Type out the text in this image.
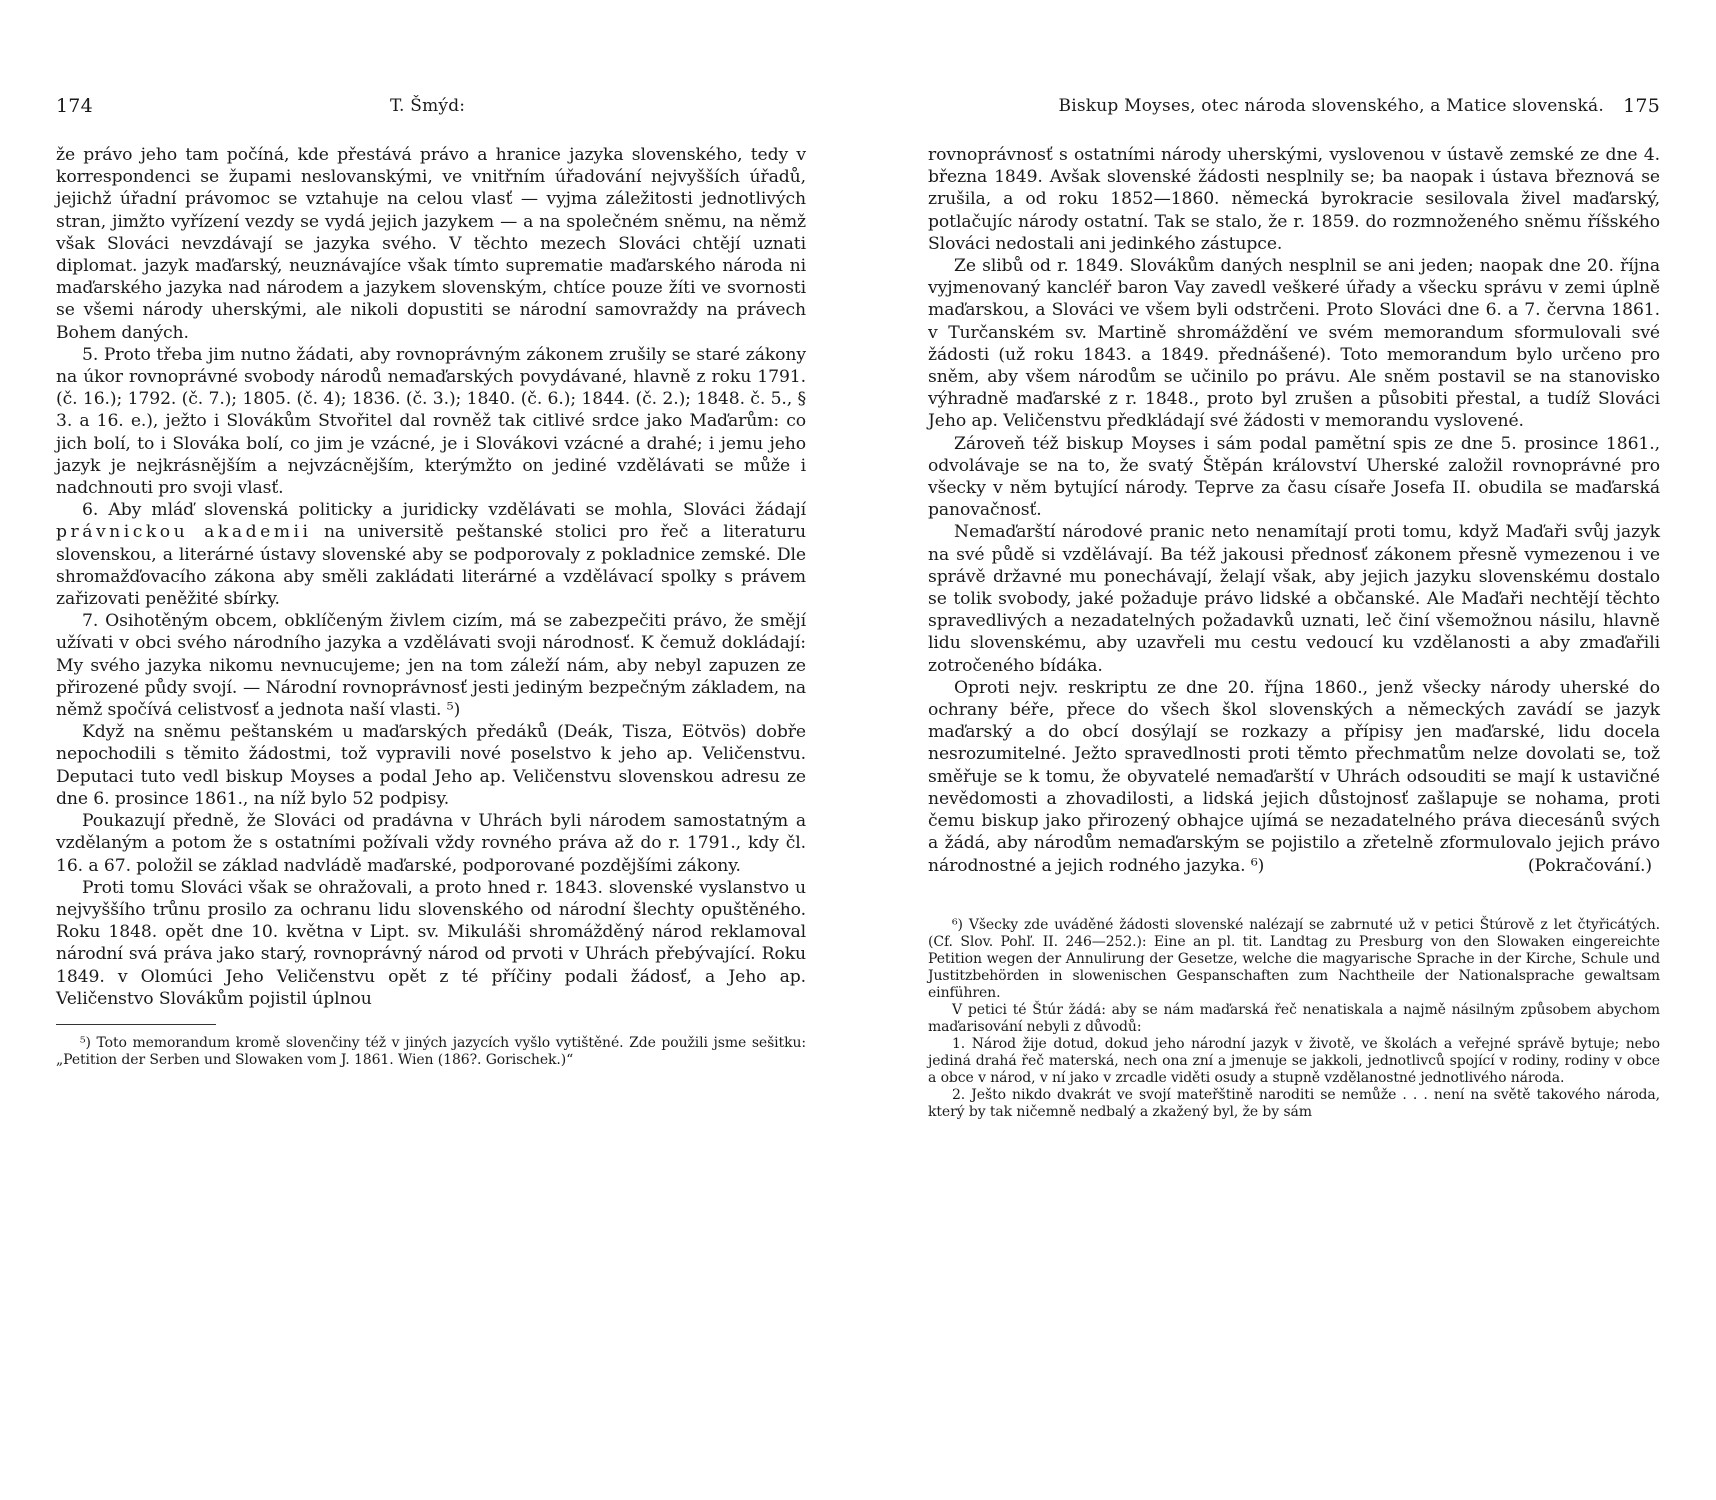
174	T. Šmýd:

že právo jeho tam počíná, kde přestává právo a hranice jazyka slovenského, tedy v korrespondenci se župami neslovanskými, ve vnitřním úřadování nejvyšších úřadů, jejichž úřadní právomoc se vztahuje na celou vlasť — vyjma záležitosti jednotlivých stran, jimžto vyřízení vezdy se vydá jejich jazykem — a na společném sněmu, na němž však Slováci nevzdávají se jazyka svého. V těchto mezech Slováci chtějí uznati diplomat. jazyk maďarský, neuznávajíce však tímto suprematie maďarského národa ni maďarského jazyka nad národem a jazykem slovenským, chtíce pouze žíti ve svornosti se všemi národy uherskými, ale nikoli dopustiti se národní samovraždy na právech Bohem daných.

5. Proto třeba jim nutno žádati, aby rovnoprávným zákonem zrušily se staré zákony na úkor rovnoprávné svobody národů nemaďarských povydávané, hlavně z roku 1791. (č. 16.); 1792. (č. 7.); 1805. (č. 4); 1836. (č. 3.); 1840. (č. 6.); 1844. (č. 2.); 1848. č. 5., § 3. a 16. e.), ježto i Slovákům Stvořitel dal rovněž tak citlivé srdce jako Maďarům: co jich bolí, to i Slováka bolí, co jim je vzácné, je i Slovákovi vzácné a drahé; i jemu jeho jazyk je nejkrásnějším a nejvzácnějším, kterýmžto on jediné vzdělávati se může i nadchnouti pro svoji vlasť.

6. Aby mláď slovenská politicky a juridicky vzdělávati se mohla, Slováci žádají právnickou akademii na universitě peštanské stolici pro řeč a literaturu slovenskou, a literárné ústavy slovenské aby se podporovaly z pokladnice zemské. Dle shromažďovacího zákona aby směli zakládati literárné a vzdělávací spolky s právem zařizovati peněžité sbírky.

7. Osihotěným obcem, obklíčeným živlem cizím, má se zabezpečiti právo, že smějí užívati v obci svého národního jazyka a vzdělávati svoji národnosť. K čemuž dokládají: My svého jazyka nikomu nevnucujeme; jen na tom záleží nám, aby nebyl zapuzen ze přirozené půdy svojí. — Národní rovnoprávnosť jesti jediným bezpečným základem, na němž spočívá celistvosť a jednota naší vlasti. ⁵)

Když na sněmu peštanském u maďarských předáků (Deák, Tisza, Eötvös) dobře nepochodili s těmito žádostmi, tož vypravili nové poselstvo k jeho ap. Veličenstvu. Deputaci tuto vedl biskup Moyses a podal Jeho ap. Veličenstvu slovenskou adresu ze dne 6. prosince 1861., na níž bylo 52 podpisy.

Poukazují předně, že Slováci od pradávna v Uhrách byli národem samostatným a vzdělaným a potom že s ostatními požívali vždy rovného práva až do r. 1791., kdy čl. 16. a 67. položil se základ nadvládě maďarské, podporované pozdějšími zákony.

Proti tomu Slováci však se ohražovali, a proto hned r. 1843. slovenské vyslanstvo u nejvyššího trůnu prosilo za ochranu lidu slovenského od národní šlechty opuštěného. Roku 1848. opět dne 10. května v Lipt. sv. Mikuláši shromážděný národ reklamoval národní svá práva jako starý, rovnoprávný národ od prvoti v Uhrách přebývající. Roku 1849. v Olomúci Jeho Veličenstvu opět z té příčiny podali žádosť, a Jeho ap. Veličenstvo Slovákům pojistil úplnou

⁵) Toto memorandum kromě slovenčiny též v jiných jazycích vyšlo vytištěné. Zde použili jsme sešitku: „Petition der Serben und Slowaken vom J. 1861. Wien (186?. Gorischek.)“

Biskup Moyses, otec národa slovenského, a Matice slovenská. 175

rovnoprávnosť s ostatními národy uherskými, vyslovenou v ústavě zemské ze dne 4. března 1849. Avšak slovenské žádosti nesplnily se; ba naopak i ústava březnová se zrušila, a od roku 1852—1860. německá byrokracie sesilovala živel maďarský, potlačujíc národy ostatní. Tak se stalo, že r. 1859. do rozmnoženého sněmu říšského Slováci nedostali ani jedinkého zástupce.

Ze slibů od r. 1849. Slovákům daných nesplnil se ani jeden; naopak dne 20. října vyjmenovaný kancléř baron Vay zavedl veškeré úřady a všecku správu v zemi úplně maďarskou, a Slováci ve všem byli odstrčeni. Proto Slováci dne 6. a 7. června 1861. v Turčanském sv. Martině shromáždění ve svém memorandum sformulovali své žádosti (už roku 1843. a 1849. přednášené). Toto memorandum bylo určeno pro sněm, aby všem národům se učinilo po právu. Ale sněm postavil se na stanovisko výhradně maďarské z r. 1848., proto byl zrušen a působiti přestal, a tudíž Slováci Jeho ap. Veličenstvu předkládají své žádosti v memorandu vyslovené.

Zároveň též biskup Moyses i sám podal pamětní spis ze dne 5. prosince 1861., odvolávaje se na to, že svatý Štěpán království Uherské založil rovnoprávné pro všecky v něm bytující národy. Teprve za času císaře Josefa II. obudila se maďarská panovačnosť.

Nemaďarští národové pranic neto nenamítají proti tomu, když Maďaři svůj jazyk na své půdě si vzdělávají. Ba též jakousi přednosť zákonem přesně vymezenou i ve správě državné mu ponechávají, želají však, aby jejich jazyku slovenskému dostalo se tolik svobody, jaké požaduje právo lidské a občanské. Ale Maďaři nechtějí těchto spravedlivých a nezadatelných požadavků uznati, leč činí všemožnou násilu, hlavně lidu slovenskému, aby uzavřeli mu cestu vedoucí ku vzdělanosti a aby zmaďařili zotročeného bídáka.

Oproti nejv. reskriptu ze dne 20. října 1860., jenž všecky národy uherské do ochrany béře, přece do všech škol slovenských a německých zavádí se jazyk maďarský a do obcí dosýlají se rozkazy a přípisy jen maďarské, lidu docela nesrozumitelné. Ježto spravedlnosti proti těmto přechmatům nelze dovolati se, tož směřuje se k tomu, že obyvatelé nemaďarští v Uhrách odsouditi se mají k ustavičné nevědomosti a zhovadilosti, a lidská jejich důstojnosť zašlapuje se nohama, proti čemu biskup jako přirozený obhajce ujímá se nezadatelného práva diecesánů svých a žádá, aby národům nemaďarským se pojistilo a zřetelně zformulovalo jejich právo národnostné a jejich rodného jazyka. ⁶)	(Pokračování.)

⁶) Všecky zde uváděné žádosti slovenské nalézají se zabrnuté už v petici Štúrově z let čtyřicátých. (Cf. Slov. Pohľ. II. 246—252.): Eine an pl. tit. Landtag zu Presburg von den Slowaken eingereichte Petition wegen der Annulirung der Gesetze, welche die magyarische Sprache in der Kirche, Schule und Justitzbehörden in slowenischen Gespanschaften zum Nachtheile der Nationalsprache gewaltsam einführen.

V petici té Štúr žádá: aby se nám maďarská řeč nenatiskala a najmě násilným způsobem abychom maďarisování nebyli z důvodů:

1. Národ žije dotud, dokud jeho národní jazyk v životě, ve školách a veřejné správě bytuje; nebo jediná drahá řeč materská, nech ona zní a jmenuje se jakkoli, jednotlivců spojící v rodiny, rodiny v obce a obce v národ, v ní jako v zrcadle viděti osudy a stupně vzdělanostné jednotlivého národa.

2. Ješto nikdo dvakrát ve svojí mateřštině naroditi se nemůže . . . není na světě takového národa, který by tak ničemně nedbalý a zkažený byl, že by sám
